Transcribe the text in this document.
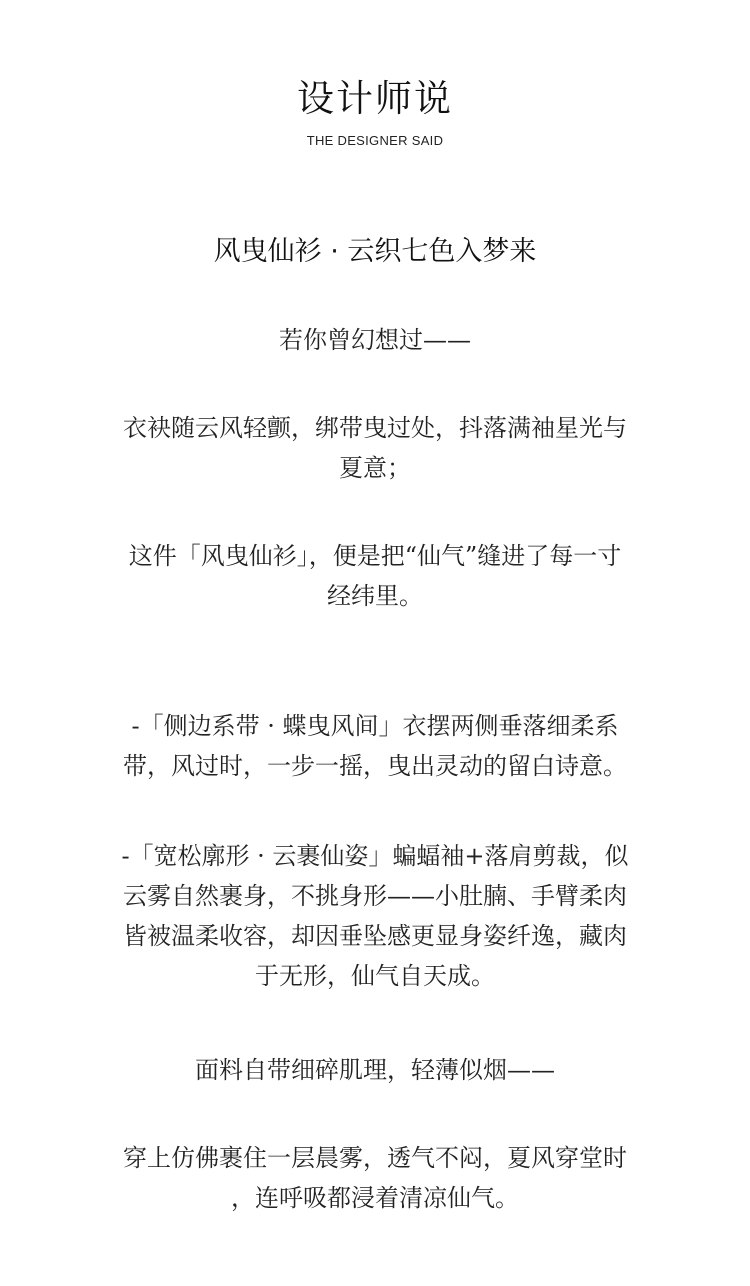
设计师说
THE DESIGNER SAID
风曳仙衫 · 云织七色入梦来
若你曾幻想过——
衣袂随云风轻颤，绑带曳过处，抖落满袖星光与
夏意；
这件「风曳仙衫」，便是把“仙气”缝进了每一寸
经纬里。
-「侧边系带 · 蝶曳风间」衣摆两侧垂落细柔系
带，风过时，一步一摇，曳出灵动的留白诗意。
-「宽松廓形 · 云裹仙姿」蝙蝠袖+落肩剪裁，似
云雾自然裹身，不挑身形——小肚腩、手臂柔肉
皆被温柔收容，却因垂坠感更显身姿纤逸，藏肉
于无形，仙气自天成。
面料自带细碎肌理，轻薄似烟——
穿上仿佛裹住一层晨雾，透气不闷，夏风穿堂时
，连呼吸都浸着清凉仙气。
